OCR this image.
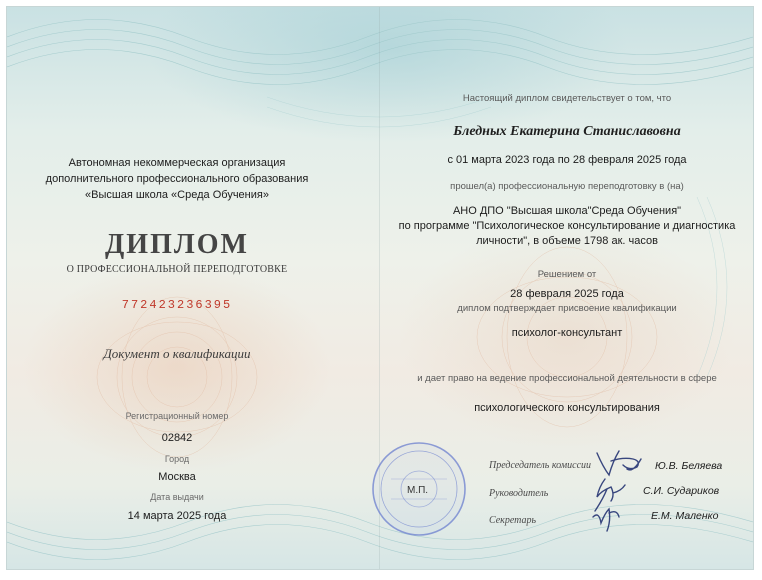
Автономная некоммерческая организация
дополнительного профессионального образования
«Высшая школа «Среда Обучения»
ДИПЛОМ
О ПРОФЕССИОНАЛЬНОЙ ПЕРЕПОДГОТОВКЕ
772423236395
Документ о квалификации
Регистрационный номер
02842
Город
Москва
Дата выдачи
14 марта 2025 года
Настоящий диплом свидетельствует о том, что
Бледных Екатерина Станиславовна
с 01 марта 2023 года по 28 февраля 2025 года
прошел(а) профессиональную переподготовку в (на)
АНО ДПО "Высшая школа"Среда Обучения"
по программе "Психологическое консультирование и диагностика
личности", в объеме 1798 ак. часов
Решением от
28 февраля 2025 года
диплом подтверждает присвоение квалификации
психолог-консультант
и дает право на ведение профессиональной деятельности в сфере
психологического консультирования
М.П.
Председатель комиссии	Ю.В. Беляева
Руководитель	С.И. Судариков
Секретарь	Е.М. Маленко
